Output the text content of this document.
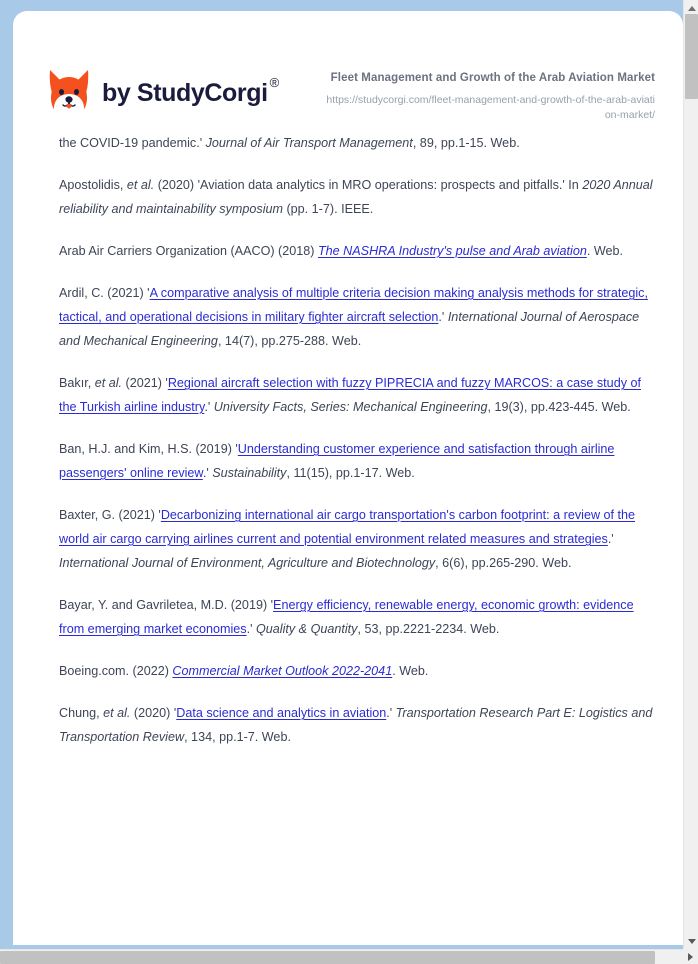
by StudyCorgi ®	Fleet Management and Growth of the Arab Aviation Market
https://studycorgi.com/fleet-management-and-growth-of-the-arab-aviation-market/

the COVID-19 pandemic.' Journal of Air Transport Management, 89, pp.1-15. Web.

Apostolidis, et al. (2020) 'Aviation data analytics in MRO operations: prospects and pitfalls.' In 2020 Annual reliability and maintainability symposium (pp. 1-7). IEEE.

Arab Air Carriers Organization (AACO) (2018) The NASHRA Industry's pulse and Arab aviation. Web.

Ardil, C. (2021) 'A comparative analysis of multiple criteria decision making analysis methods for strategic, tactical, and operational decisions in military fighter aircraft selection.' International Journal of Aerospace and Mechanical Engineering, 14(7), pp.275-288. Web.

Bakır, et al. (2021) 'Regional aircraft selection with fuzzy PIPRECIA and fuzzy MARCOS: a case study of the Turkish airline industry.' University Facts, Series: Mechanical Engineering, 19(3), pp.423-445. Web.

Ban, H.J. and Kim, H.S. (2019) 'Understanding customer experience and satisfaction through airline passengers' online review.' Sustainability, 11(15), pp.1-17. Web.

Baxter, G. (2021) 'Decarbonizing international air cargo transportation's carbon footprint: a review of the world air cargo carrying airlines current and potential environment related measures and strategies.' International Journal of Environment, Agriculture and Biotechnology, 6(6), pp.265-290. Web.

Bayar, Y. and Gavriletea, M.D. (2019) 'Energy efficiency, renewable energy, economic growth: evidence from emerging market economies.' Quality & Quantity, 53, pp.2221-2234. Web.

Boeing.com. (2022) Commercial Market Outlook 2022-2041. Web.

Chung, et al. (2020) 'Data science and analytics in aviation.' Transportation Research Part E: Logistics and Transportation Review, 134, pp.1-7. Web.
